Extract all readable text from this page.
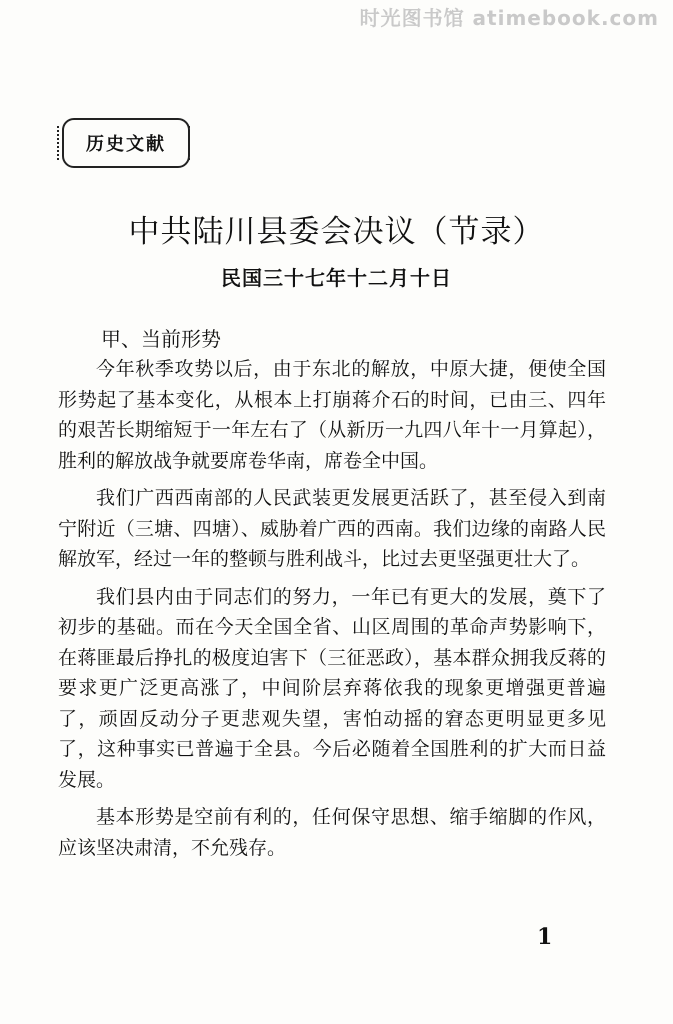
时光图书馆 atimebook.com
历史文献
中共陆川县委会决议（节录）
民国三十七年十二月十日
甲、当前形势

今年秋季攻势以后，由于东北的解放，中原大捷，便使全国形势起了基本变化，从根本上打崩蒋介石的时间，已由三、四年的艰苦长期缩短于一年左右了（从新历一九四八年十一月算起），胜利的解放战争就要席卷华南，席卷全中国。

我们广西西南部的人民武装更发展更活跃了，甚至侵入到南宁附近（三塘、四塘）、威胁着广西的西南。我们边缘的南路人民解放军，经过一年的整顿与胜利战斗，比过去更坚强更壮大了。

我们县内由于同志们的努力，一年已有更大的发展，奠下了初步的基础。而在今天全国全省、山区周围的革命声势影响下，在蒋匪最后挣扎的极度迫害下（三征恶政），基本群众拥我反蒋的要求更广泛更高涨了，中间阶层弃蒋依我的现象更增强更普遍了，顽固反动分子更悲观失望，害怕动摇的窘态更明显更多见了，这种事实已普遍于全县。今后必随着全国胜利的扩大而日益发展。

基本形势是空前有利的，任何保守思想、缩手缩脚的作风，应该坚决肃清，不允残存。

1
